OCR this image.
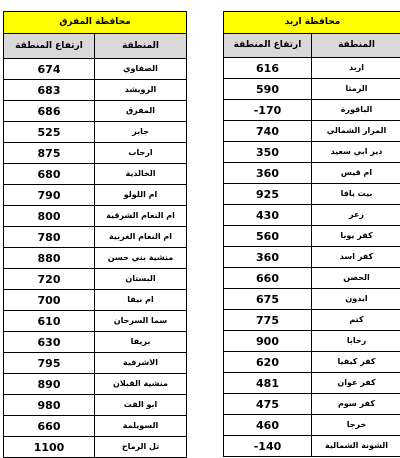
محافظة المفرق	
ارتفاع المنطقة	المنطقة
674	الصفاوي
683	الرويشد
686	المفرق
525	جابر
875	ارحاب
680	الخالدية
790	ام اللولو
800	ام النعام الشرقية
780	ام النعام الغربية
880	منشية بني حسن
720	البستان
700	ام نيفا
610	سما السرحان
630	بريقا
795	الاشرفية
890	منشية القبلان
980	ابو الفت
660	السويلمة
1100	تل الرماح
محافظة اربد	
ارتفاع المنطقة	المنطقة
616	اربد
590	الرمثا
-170	الباقورة
740	المزار الشمالي
350	دير ابي سعيد
360	ام قيس
925	بيت يافا
430	زعر
560	كفر يوبا
360	كفر اسد
660	الحصن
675	ايدون
775	كتم
900	رحابا
620	كفر كيفيا
481	كفر عوان
475	كفر سوم
460	خرجا
-140	الشونة الشمالية
